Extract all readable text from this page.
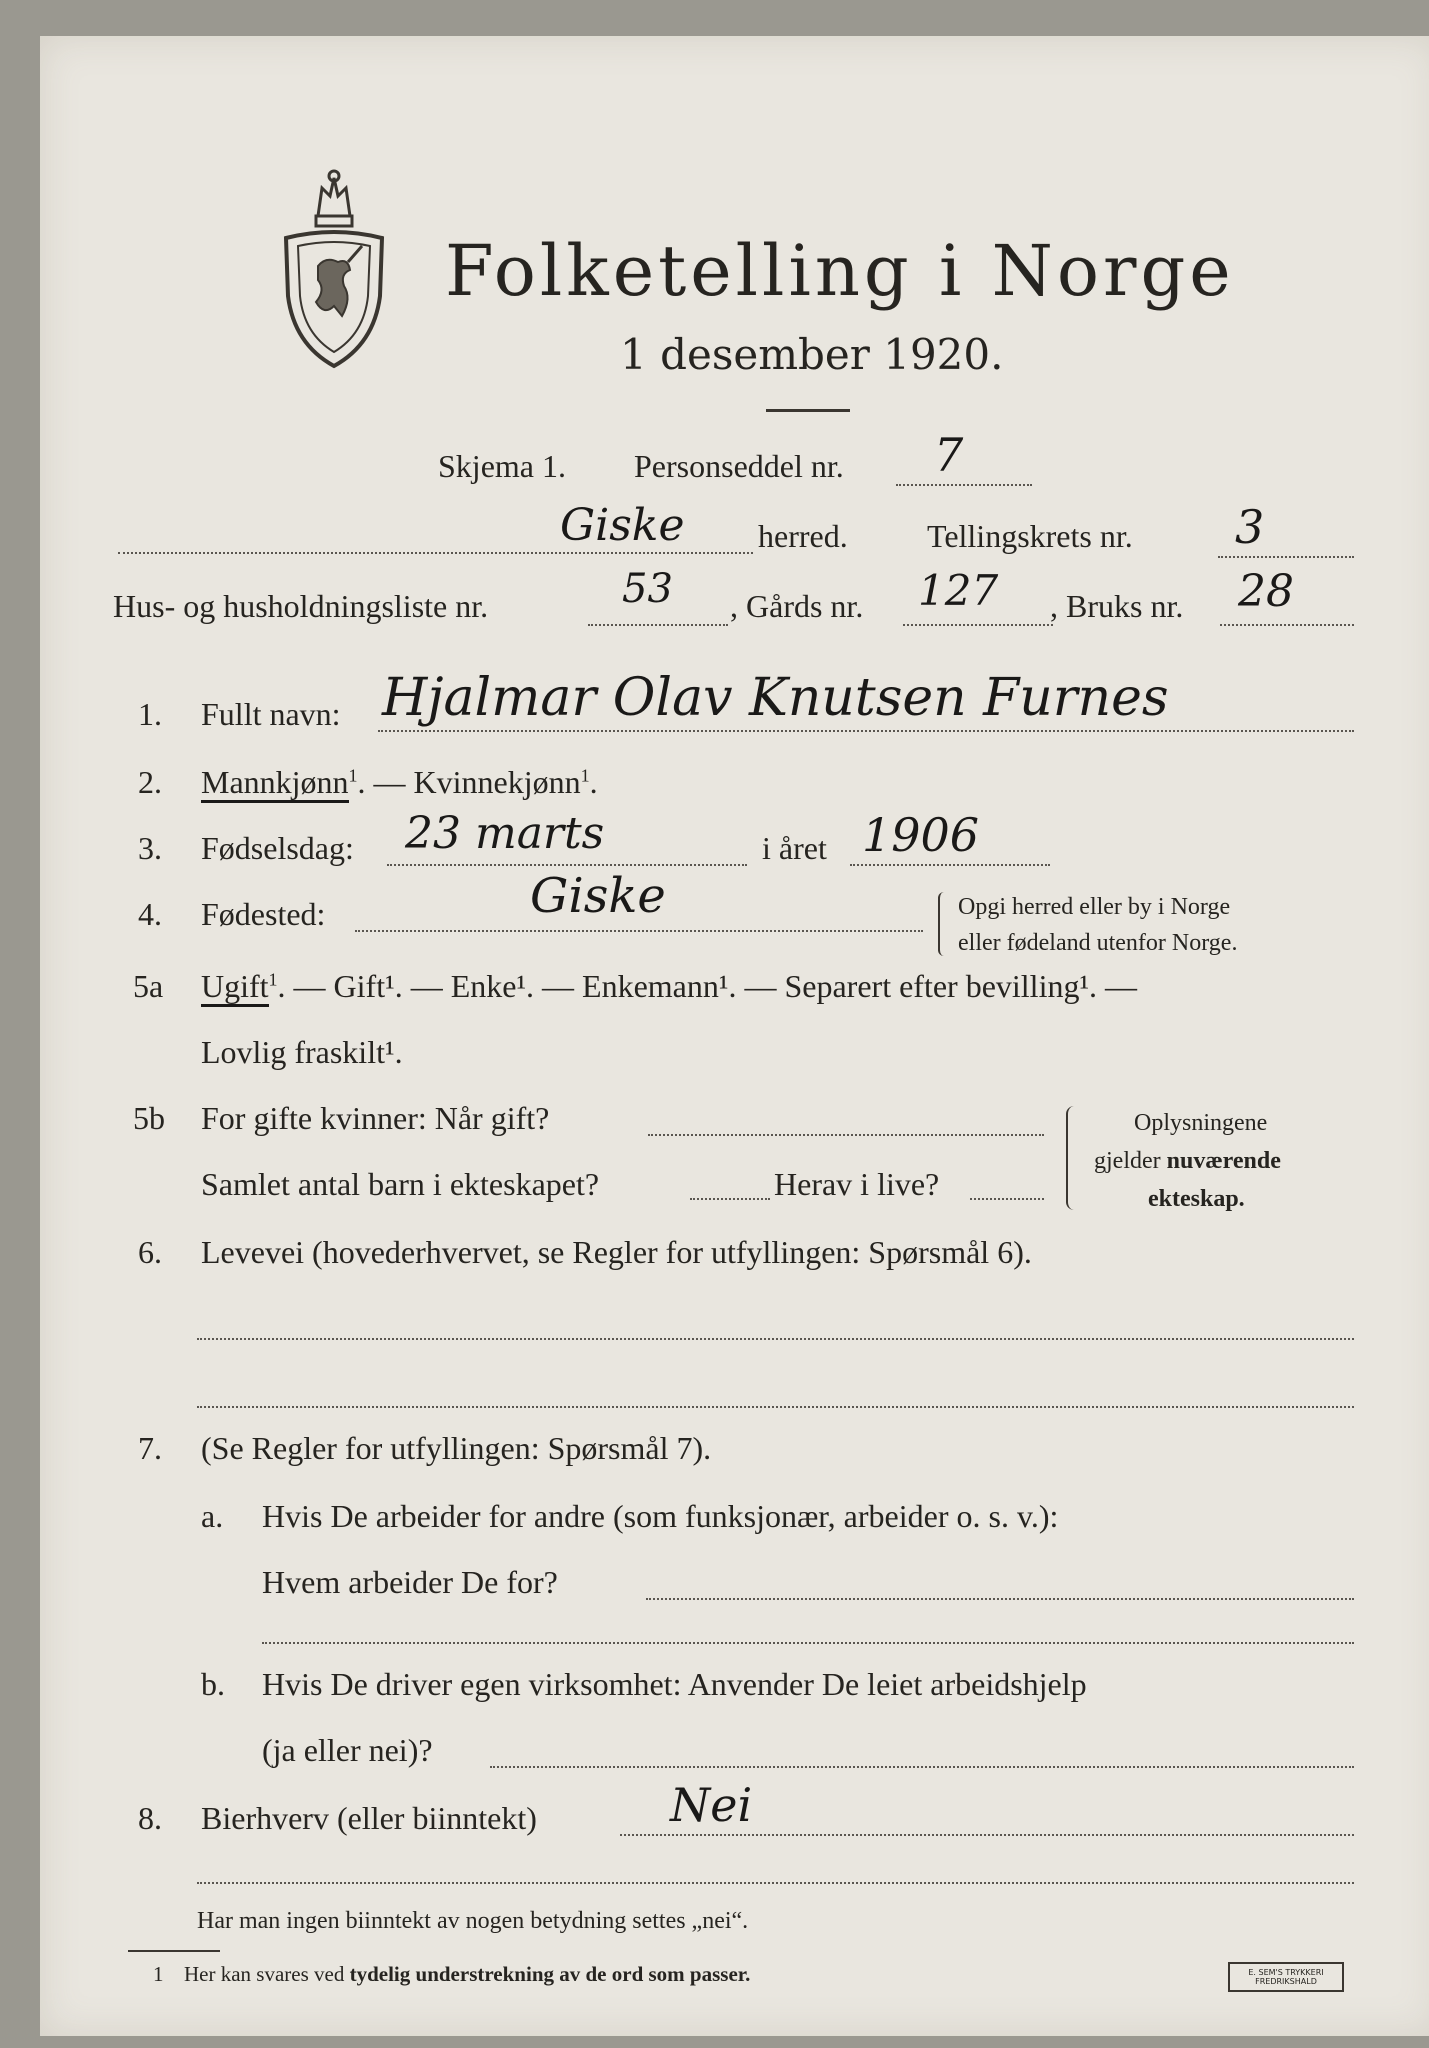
Folketelling i Norge
1 desember 1920.
Skjema 1. Personseddel nr. 7
Giske herred. Tellingskrets nr. 3
Hus- og husholdningsliste nr.	53 , Gårds nr. 127 , Bruks nr. 28
1. Fullt navn: Hjalmar Olav Knutsen Furnes
2. Mannkjønn$^1$. — Kvinnekjønn$^1$.
3. Fødselsdag: 23 marts	i året 1906
4. Fødested:	Giske	Opgi herred eller by i Norge
eller fødeland utenfor Norge.
5a Ugift$^1$. — Gift¹. — Enke¹. — Enkemann¹. — Separert efter bevilling¹. —
Lovlig fraskilt¹.
5b For gifte kvinner: Når gift?
Samlet antal barn i ekteskapet?	Herav i live?
Oplysningene
gjelder nuværende
ekteskap.
6. Levevei (hovederhvervet, se Regler for utfyllingen: Spørsmål 6).
7. (Se Regler for utfyllingen: Spørsmål 7).
a. Hvis De arbeider for andre (som funksjonær, arbeider o. s. v.):
Hvem arbeider De for?
b. Hvis De driver egen virksomhet: Anvender De leiet arbeidshjelp
(ja eller nei)?
8. Bierhverv (eller biinntekt)	Nei
Har man ingen biinntekt av nogen betydning settes „nei“.
1 Her kan svares ved tydelig understrekning av de ord som passer.	E. SEM'S TRYKKERI FREDRIKSHALD
